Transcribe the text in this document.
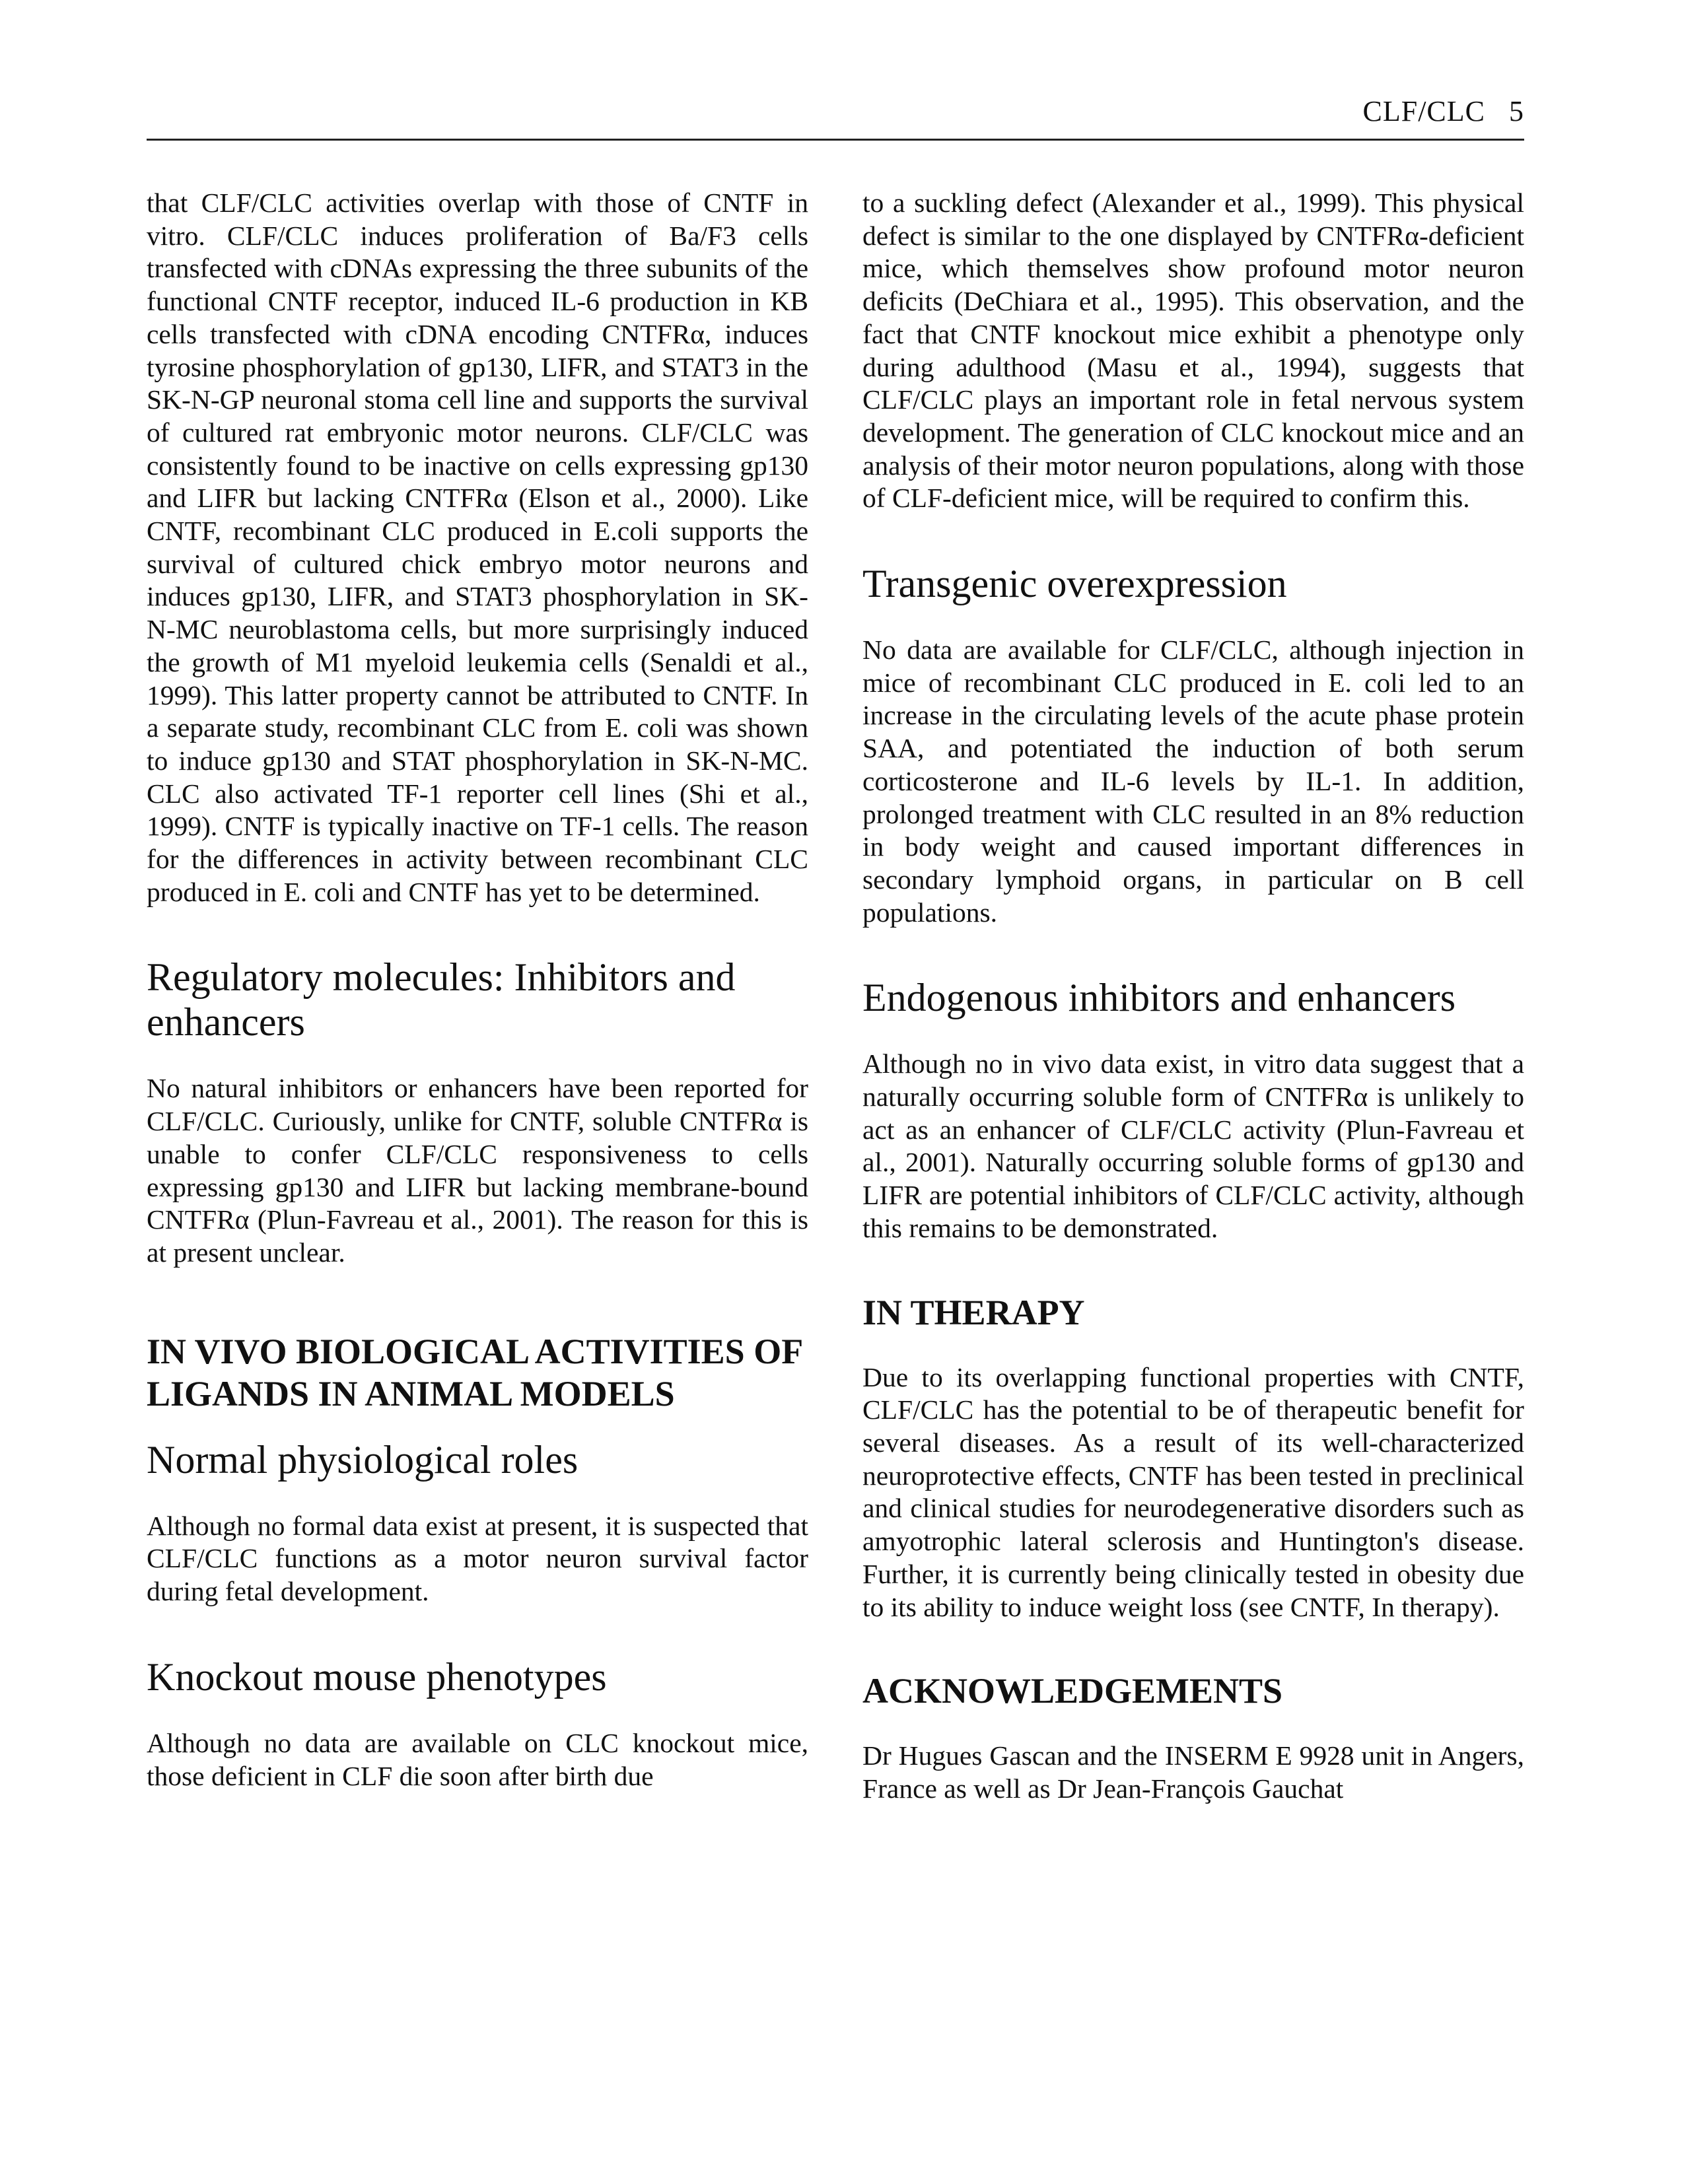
CLF/CLC 5

that CLF/CLC activities overlap with those of CNTF in vitro. CLF/CLC induces proliferation of Ba/F3 cells transfected with cDNAs expressing the three subunits of the functional CNTF receptor, induced IL-6 production in KB cells transfected with cDNA encoding CNTFRα, induces tyrosine phosphorylation of gp130, LIFR, and STAT3 in the SK-N-GP neuronal stoma cell line and supports the survival of cultured rat embryonic motor neurons. CLF/CLC was consistently found to be inactive on cells expressing gp130 and LIFR but lacking CNTFRα (Elson et al., 2000). Like CNTF, recombinant CLC produced in E.coli supports the survival of cultured chick embryo motor neurons and induces gp130, LIFR, and STAT3 phosphorylation in SK-N-MC neuroblastoma cells, but more surprisingly induced the growth of M1 myeloid leukemia cells (Senaldi et al., 1999). This latter property cannot be attributed to CNTF. In a separate study, recombinant CLC from E. coli was shown to induce gp130 and STAT phosphorylation in SK-N-MC. CLC also activated TF-1 reporter cell lines (Shi et al., 1999). CNTF is typically inactive on TF-1 cells. The reason for the differences in activity between recombinant CLC produced in E. coli and CNTF has yet to be determined.

Regulatory molecules: Inhibitors and enhancers

No natural inhibitors or enhancers have been reported for CLF/CLC. Curiously, unlike for CNTF, soluble CNTFRα is unable to confer CLF/CLC responsiveness to cells expressing gp130 and LIFR but lacking membrane-bound CNTFRα (Plun-Favreau et al., 2001). The reason for this is at present unclear.

IN VIVO BIOLOGICAL ACTIVITIES OF LIGANDS IN ANIMAL MODELS
Normal physiological roles

Although no formal data exist at present, it is suspected that CLF/CLC functions as a motor neuron survival factor during fetal development.

Knockout mouse phenotypes

Although no data are available on CLC knockout mice, those deficient in CLF die soon after birth due

to a suckling defect (Alexander et al., 1999). This physical defect is similar to the one displayed by CNTFRα-deficient mice, which themselves show profound motor neuron deficits (DeChiara et al., 1995). This observation, and the fact that CNTF knockout mice exhibit a phenotype only during adulthood (Masu et al., 1994), suggests that CLF/CLC plays an important role in fetal nervous system development. The generation of CLC knockout mice and an analysis of their motor neuron populations, along with those of CLF-deficient mice, will be required to confirm this.

Transgenic overexpression

No data are available for CLF/CLC, although injection in mice of recombinant CLC produced in E. coli led to an increase in the circulating levels of the acute phase protein SAA, and potentiated the induction of both serum corticosterone and IL-6 levels by IL-1. In addition, prolonged treatment with CLC resulted in an 8% reduction in body weight and caused important differences in secondary lymphoid organs, in particular on B cell populations.

Endogenous inhibitors and enhancers

Although no in vivo data exist, in vitro data suggest that a naturally occurring soluble form of CNTFRα is unlikely to act as an enhancer of CLF/CLC activity (Plun-Favreau et al., 2001). Naturally occurring soluble forms of gp130 and LIFR are potential inhibitors of CLF/CLC activity, although this remains to be demonstrated.

IN THERAPY

Due to its overlapping functional properties with CNTF, CLF/CLC has the potential to be of therapeutic benefit for several diseases. As a result of its well-characterized neuroprotective effects, CNTF has been tested in preclinical and clinical studies for neurodegenerative disorders such as amyotrophic lateral sclerosis and Huntington's disease. Further, it is currently being clinically tested in obesity due to its ability to induce weight loss (see CNTF, In therapy).

ACKNOWLEDGEMENTS

Dr Hugues Gascan and the INSERM E 9928 unit in Angers, France as well as Dr Jean-François Gauchat
